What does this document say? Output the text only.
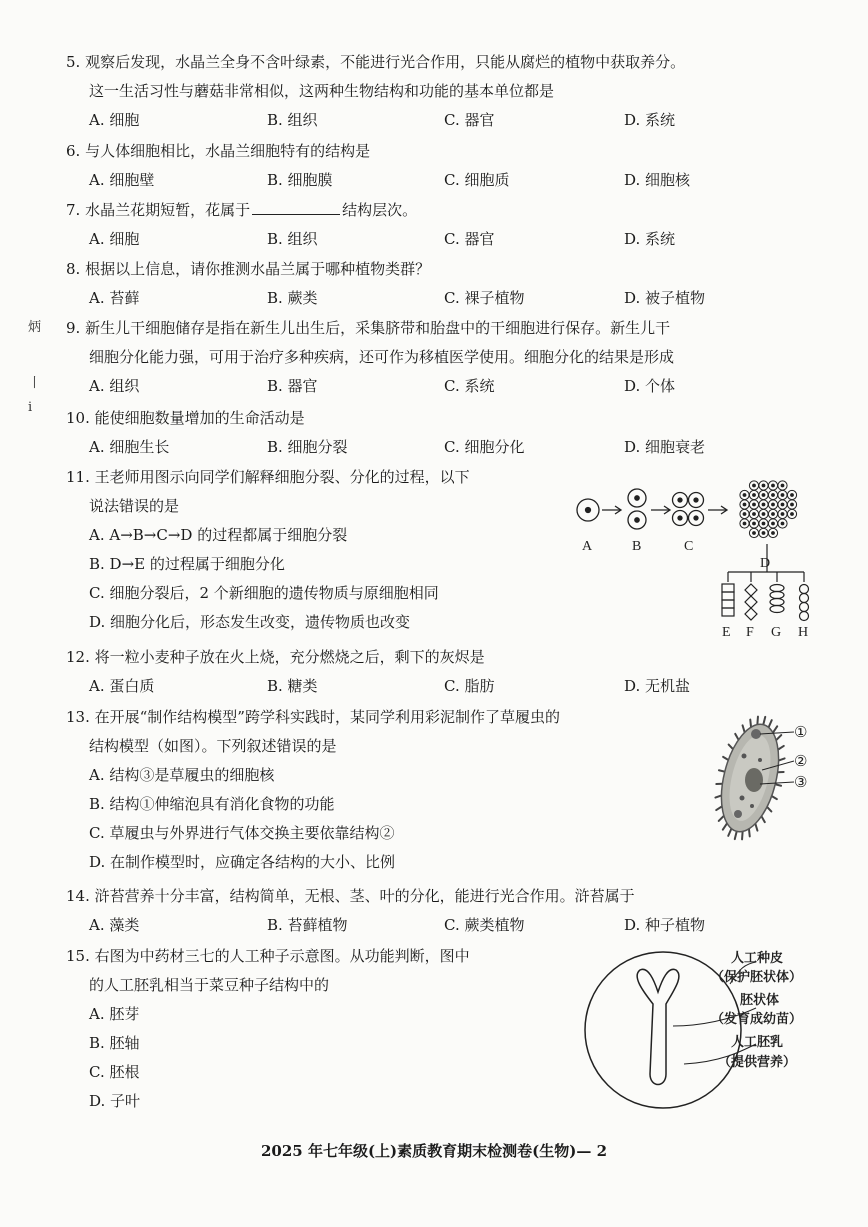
炳
丨
i
5. 观察后发现，水晶兰全身不含叶绿素，不能进行光合作用，只能从腐烂的植物中获取养分。
这一生活习性与蘑菇非常相似，这两种生物结构和功能的基本单位都是
A. 细胞	B. 组织	C. 器官	D. 系统
6. 与人体细胞相比，水晶兰细胞特有的结构是
A. 细胞壁	B. 细胞膜	C. 细胞质	D. 细胞核
7. 水晶兰花期短暂，花属于	结构层次。
A. 细胞	B. 组织	C. 器官	D. 系统
8. 根据以上信息，请你推测水晶兰属于哪种植物类群？
A. 苔藓	B. 蕨类	C. 裸子植物	D. 被子植物
9. 新生儿干细胞储存是指在新生儿出生后，采集脐带和胎盘中的干细胞进行保存。新生儿干
细胞分化能力强，可用于治疗多种疾病，还可作为移植医学使用。细胞分化的结果是形成
A. 组织	B. 器官	C. 系统	D. 个体
10. 能使细胞数量增加的生命活动是
A. 细胞生长	B. 细胞分裂	C. 细胞分化	D. 细胞衰老
11. 王老师用图示向同学们解释细胞分裂、分化的过程，以下
说法错误的是
A. A→B→C→D 的过程都属于细胞分裂
B. D→E 的过程属于细胞分化
C. 细胞分裂后，2 个新细胞的遗传物质与原细胞相同
D. 细胞分化后，形态发生改变，遗传物质也改变
A	B	C
D
E F G H
12. 将一粒小麦种子放在火上烧，充分燃烧之后，剩下的灰烬是
A. 蛋白质	B. 糖类	C. 脂肪	D. 无机盐
13. 在开展“制作结构模型”跨学科实践时，某同学利用彩泥制作了草履虫的
结构模型（如图）。下列叙述错误的是
A. 结构③是草履虫的细胞核
B. 结构①伸缩泡具有消化食物的功能
C. 草履虫与外界进行气体交换主要依靠结构②
D. 在制作模型时，应确定各结构的大小、比例
①
②
③
14. 浒苔营养十分丰富，结构简单，无根、茎、叶的分化，能进行光合作用。浒苔属于
A. 藻类	B. 苔藓植物	C. 蕨类植物	D. 种子植物
15. 右图为中药材三七的人工种子示意图。从功能判断，图中
的人工胚乳相当于菜豆种子结构中的
A. 胚芽
B. 胚轴
C. 胚根
D. 子叶
人工种皮
（保护胚状体）
胚状体
（发育成幼苗）
人工胚乳
（提供营养）
2025 年七年级(上)素质教育期末检测卷(生物)— 2
